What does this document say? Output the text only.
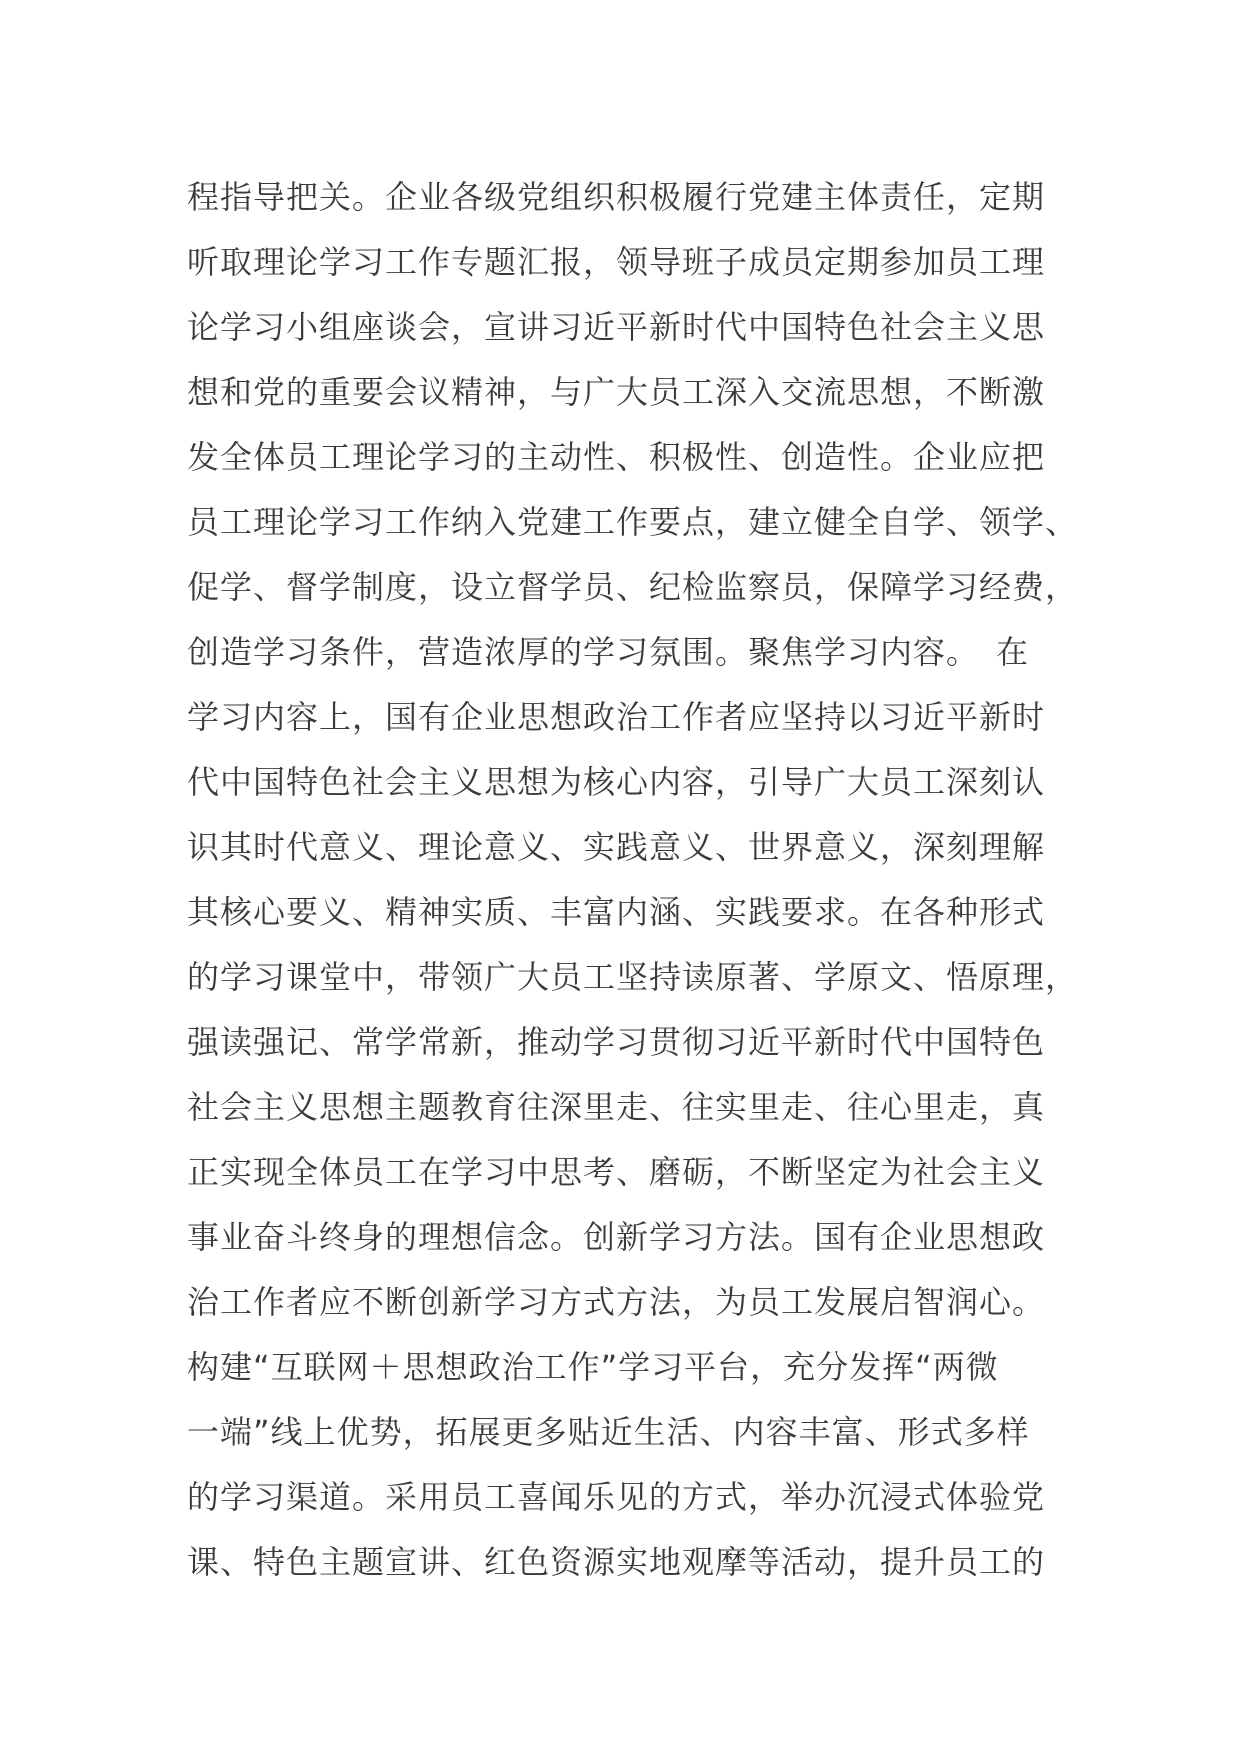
程指导把关。企业各级党组织积极履行党建主体责任，定期
听取理论学习工作专题汇报，领导班子成员定期参加员工理
论学习小组座谈会，宣讲习近平新时代中国特色社会主义思
想和党的重要会议精神，与广大员工深入交流思想，不断激
发全体员工理论学习的主动性、积极性、创造性。企业应把
员工理论学习工作纳入党建工作要点，建立健全自学、领学、
促学、督学制度，设立督学员、纪检监察员，保障学习经费，
创造学习条件，营造浓厚的学习氛围。聚焦学习内容。　在
学习内容上，国有企业思想政治工作者应坚持以习近平新时
代中国特色社会主义思想为核心内容，引导广大员工深刻认
识其时代意义、理论意义、实践意义、世界意义，深刻理解
其核心要义、精神实质、丰富内涵、实践要求。在各种形式
的学习课堂中，带领广大员工坚持读原著、学原文、悟原理，
强读强记、常学常新，推动学习贯彻习近平新时代中国特色
社会主义思想主题教育往深里走、往实里走、往心里走，真
正实现全体员工在学习中思考、磨砺，不断坚定为社会主义
事业奋斗终身的理想信念。创新学习方法。国有企业思想政
治工作者应不断创新学习方式方法，为员工发展启智润心。
构建“互联网＋思想政治工作”学习平台，充分发挥“两微
一端”线上优势，拓展更多贴近生活、内容丰富、形式多样
的学习渠道。采用员工喜闻乐见的方式，举办沉浸式体验党
课、特色主题宣讲、红色资源实地观摩等活动，提升员工的
